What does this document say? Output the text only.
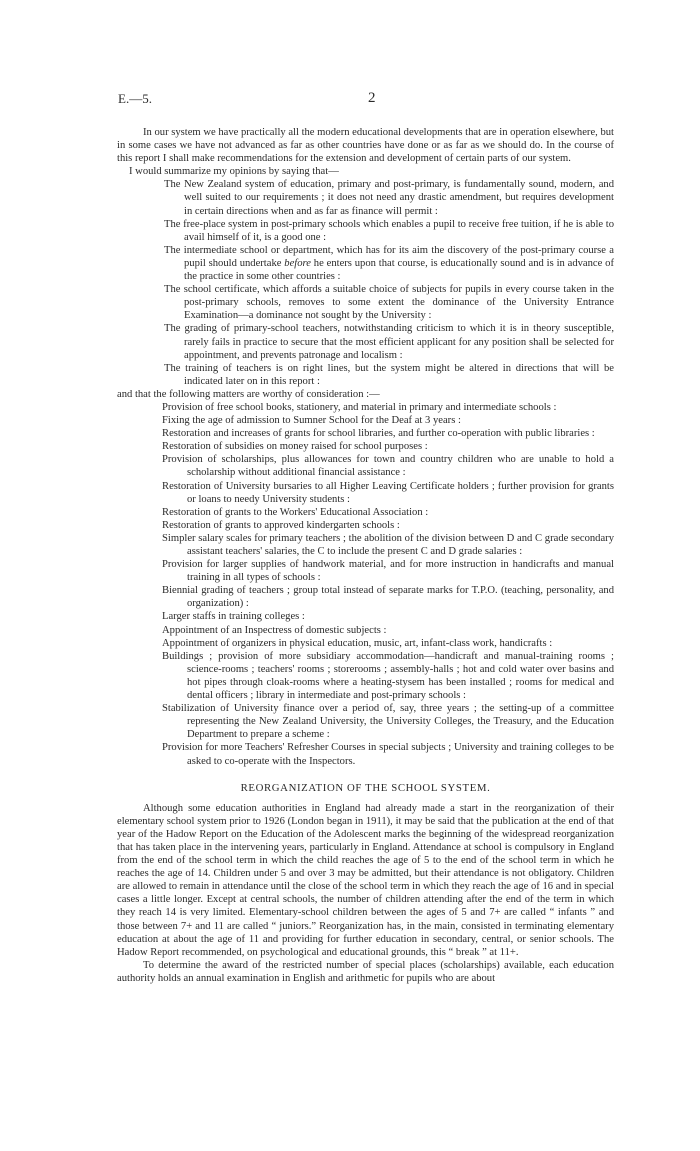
E.—5.	2

In our system we have practically all the modern educational developments that are in operation elsewhere, but in some cases we have not advanced as far as other countries have done or as far as we should do. In the course of this report I shall make recommendations for the extension and development of certain parts of our system.

I would summarize my opinions by saying that—

The New Zealand system of education, primary and post-primary, is fundamentally sound, modern, and well suited to our requirements ; it does not need any drastic amendment, but requires development in certain directions when and as far as finance will permit :

The free-place system in post-primary schools which enables a pupil to receive free tuition, if he is able to avail himself of it, is a good one :

The intermediate school or department, which has for its aim the discovery of the post-primary course a pupil should undertake before he enters upon that course, is educationally sound and is in advance of the practice in some other countries :

The school certificate, which affords a suitable choice of subjects for pupils in every course taken in the post-primary schools, removes to some extent the dominance of the University Entrance Examination—a dominance not sought by the University :

The grading of primary-school teachers, notwithstanding criticism to which it is in theory susceptible, rarely fails in practice to secure that the most efficient applicant for any position shall be selected for appointment, and prevents patronage and localism :

The training of teachers is on right lines, but the system might be altered in directions that will be indicated later on in this report :

and that the following matters are worthy of consideration :—

Provision of free school books, stationery, and material in primary and intermediate schools :

Fixing the age of admission to Sumner School for the Deaf at 3 years :

Restoration and increases of grants for school libraries, and further co-operation with public libraries :

Restoration of subsidies on money raised for school purposes :

Provision of scholarships, plus allowances for town and country children who are unable to hold a scholarship without additional financial assistance :

Restoration of University bursaries to all Higher Leaving Certificate holders ; further provision for grants or loans to needy University students :

Restoration of grants to the Workers' Educational Association :

Restoration of grants to approved kindergarten schools :

Simpler salary scales for primary teachers ; the abolition of the division between D and C grade secondary assistant teachers' salaries, the C to include the present C and D grade salaries :

Provision for larger supplies of handwork material, and for more instruction in handicrafts and manual training in all types of schools :

Biennial grading of teachers ; group total instead of separate marks for T.P.O. (teaching, personality, and organization) :

Larger staffs in training colleges :

Appointment of an Inspectress of domestic subjects :

Appointment of organizers in physical education, music, art, infant-class work, handicrafts :

Buildings ; provision of more subsidiary accommodation—handicraft and manual-training rooms ; science-rooms ; teachers' rooms ; storerooms ; assembly-halls ; hot and cold water over basins and hot pipes through cloak-rooms where a heating-stysem has been installed ; rooms for medical and dental officers ; library in intermediate and post-primary schools :

Stabilization of University finance over a period of, say, three years ; the setting-up of a committee representing the New Zealand University, the University Colleges, the Treasury, and the Education Department to prepare a scheme :

Provision for more Teachers' Refresher Courses in special subjects ; University and training colleges to be asked to co-operate with the Inspectors.

REORGANIZATION OF THE SCHOOL SYSTEM.

Although some education authorities in England had already made a start in the reorganization of their elementary school system prior to 1926 (London began in 1911), it may be said that the publication at the end of that year of the Hadow Report on the Education of the Adolescent marks the beginning of the widespread reorganization that has taken place in the intervening years, particularly in England. Attendance at school is compulsory in England from the end of the school term in which the child reaches the age of 5 to the end of the school term in which he reaches the age of 14. Children under 5 and over 3 may be admitted, but their attendance is not obligatory. Children are allowed to remain in attendance until the close of the school term in which they reach the age of 16 and in special cases a little longer. Except at central schools, the number of children attending after the end of the term in which they reach 14 is very limited. Elementary-school children between the ages of 5 and 7+ are called “ infants ” and those between 7+ and 11 are called “ juniors.” Reorganization has, in the main, consisted in terminating elementary education at about the age of 11 and providing for further education in secondary, central, or senior schools. The Hadow Report recommended, on psychological and educational grounds, this “ break ” at 11+.

To determine the award of the restricted number of special places (scholarships) available, each education authority holds an annual examination in English and arithmetic for pupils who are about
